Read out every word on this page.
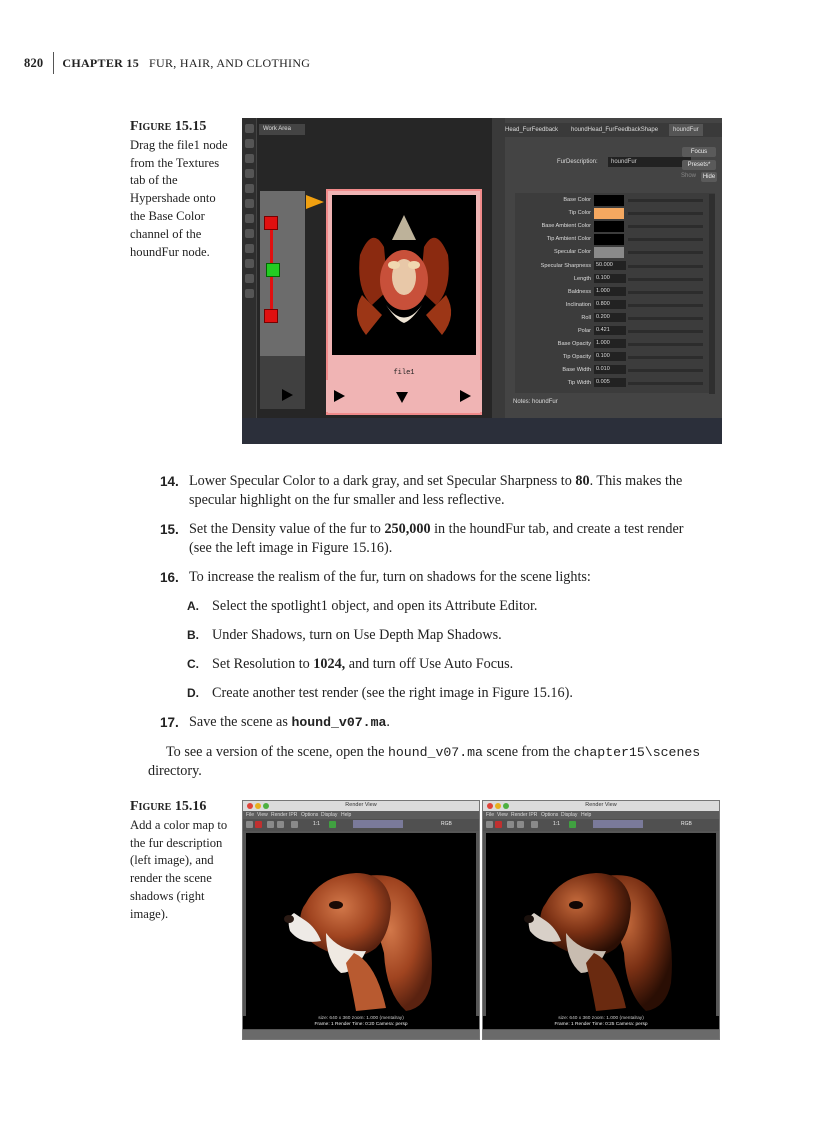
820 CHAPTER 15 FUR, HAIR, AND CLOTHING
Figure 15.15
Drag the file1 node from the Textures tab of the Hypershade onto the Base Color channel of the houndFur node.
Work Area
file1
Head_FurFeedback houndHead_FurFeedbackShape	houndFur
Focus
FurDescription:	houndFur	Presets*
Show	Hide
Base Color
Tip Color
Base Ambient Color
Tip Ambient Color
Specular Color
Specular Sharpness 50.000
Length 0.100
Baldness 1.000
Inclination 0.800
Roll 0.200
Polar 0.421
Base Opacity 1.000
Tip Opacity 0.100
Base Width 0.010
Tip Width 0.005
Notes: houndFur
14. Lower Specular Color to a dark gray, and set Specular Sharpness to 80. This makes the
specular highlight on the fur smaller and less reflective.
15. Set the Density value of the fur to 250,000 in the houndFur tab, and create a test render
(see the left image in Figure 15.16).
16. To increase the realism of the fur, turn on shadows for the scene lights:
A. Select the spotlight1 object, and open its Attribute Editor.
B. Under Shadows, turn on Use Depth Map Shadows.
C. Set Resolution to 1024, and turn off Use Auto Focus.
D. Create another test render (see the right image in Figure 15.16).
17. Save the scene as hound_v07.ma.
To see a version of the scene, open the hound_v07.ma scene from the chapter15\scenes
directory.
Figure 15.16
Add a color map to the fur description (left image), and render the scene shadows (right image).
Render View
File View Render IPR Options Display Help
1:1	RGB
size: 640 x 360 zoom: 1.000 (mentalray)
Frame: 1 Render Time: 0:20 Camera: persp
Render View
File View Render IPR Options Display Help
1:1	RGB
size: 640 x 360 zoom: 1.000 (mentalray)
Frame: 1 Render Time: 0:25 Camera: persp
